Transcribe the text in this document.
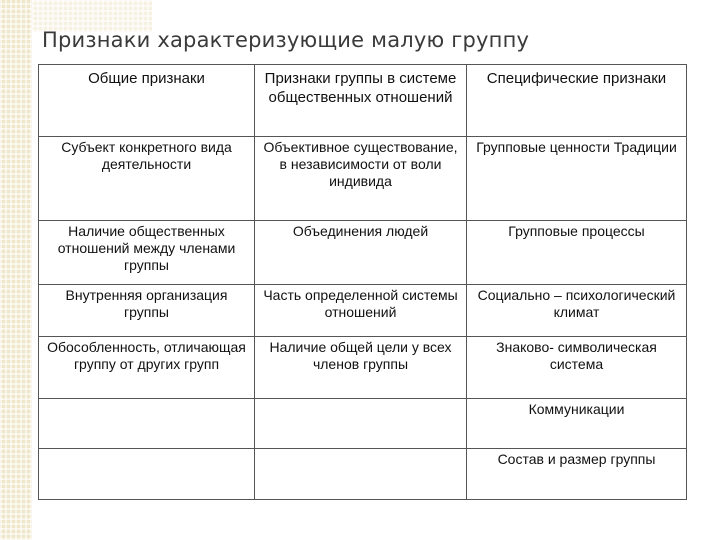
Признаки характеризующие малую группу
Общие признаки	Признаки группы в системе общественных отношений	Специфические признаки
Субъект конкретного вида деятельности	Объективное существование, в независимости от воли индивида	Групповые ценности Традиции
Наличие общественных отношений между членами группы	Объединения людей	Групповые процессы
Внутренняя организация группы	Часть определенной системы отношений	Социально – психологический климат
Обособленность, отличающая группу от других групп	Наличие общей цели у всех членов группы	Знаково- символическая система
		Коммуникации
		Состав и размер группы
